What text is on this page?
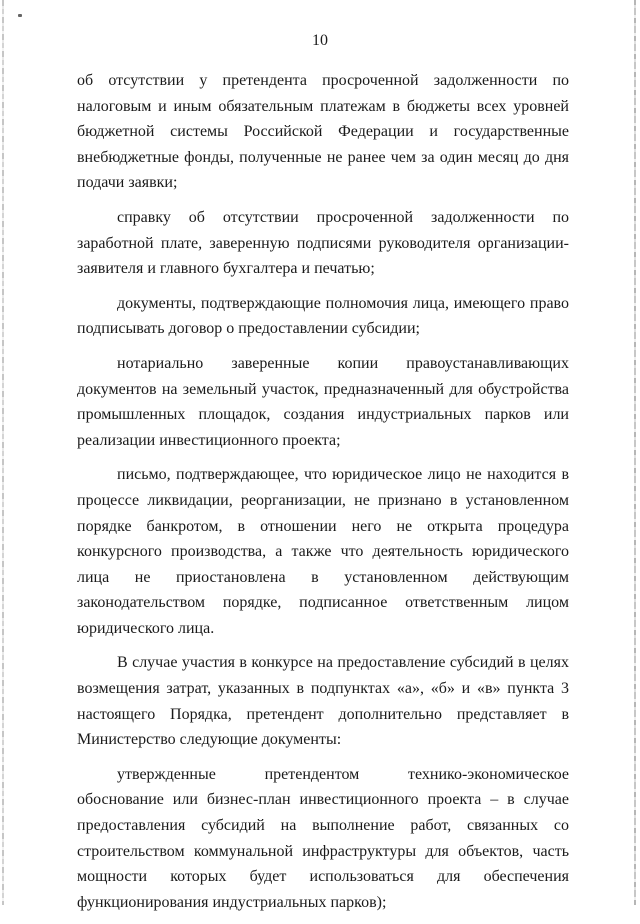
10

об отсутствии у претендента просроченной задолженности по налоговым и иным обязательным платежам в бюджеты всех уровней бюджетной системы Российской Федерации и государственные внебюджетные фонды, полученные не ранее чем за один месяц до дня подачи заявки;

справку об отсутствии просроченной задолженности по заработной плате, заверенную подписями руководителя организации-заявителя и главного бухгалтера и печатью;

документы, подтверждающие полномочия лица, имеющего право подписывать договор о предоставлении субсидии;

нотариально заверенные копии правоустанавливающих документов на земельный участок, предназначенный для обустройства промышленных площадок, создания индустриальных парков или реализации инвестиционного проекта;

письмо, подтверждающее, что юридическое лицо не находится в процессе ликвидации, реорганизации, не признано в установленном порядке банкротом, в отношении него не открыта процедура конкурсного производства, а также что деятельность юридического лица не приостановлена в установленном действующим законодательством порядке, подписанное ответственным лицом юридического лица.

В случае участия в конкурсе на предоставление субсидий в целях возмещения затрат, указанных в подпунктах «а», «б» и «в» пункта 3 настоящего Порядка, претендент дополнительно представляет в Министерство следующие документы:

утвержденные претендентом технико-экономическое обоснование или бизнес-план инвестиционного проекта – в случае предоставления субсидий на выполнение работ, связанных со строительством коммунальной инфраструктуры для объектов, часть мощности которых будет использоваться для обеспечения функционирования индустриальных парков);
